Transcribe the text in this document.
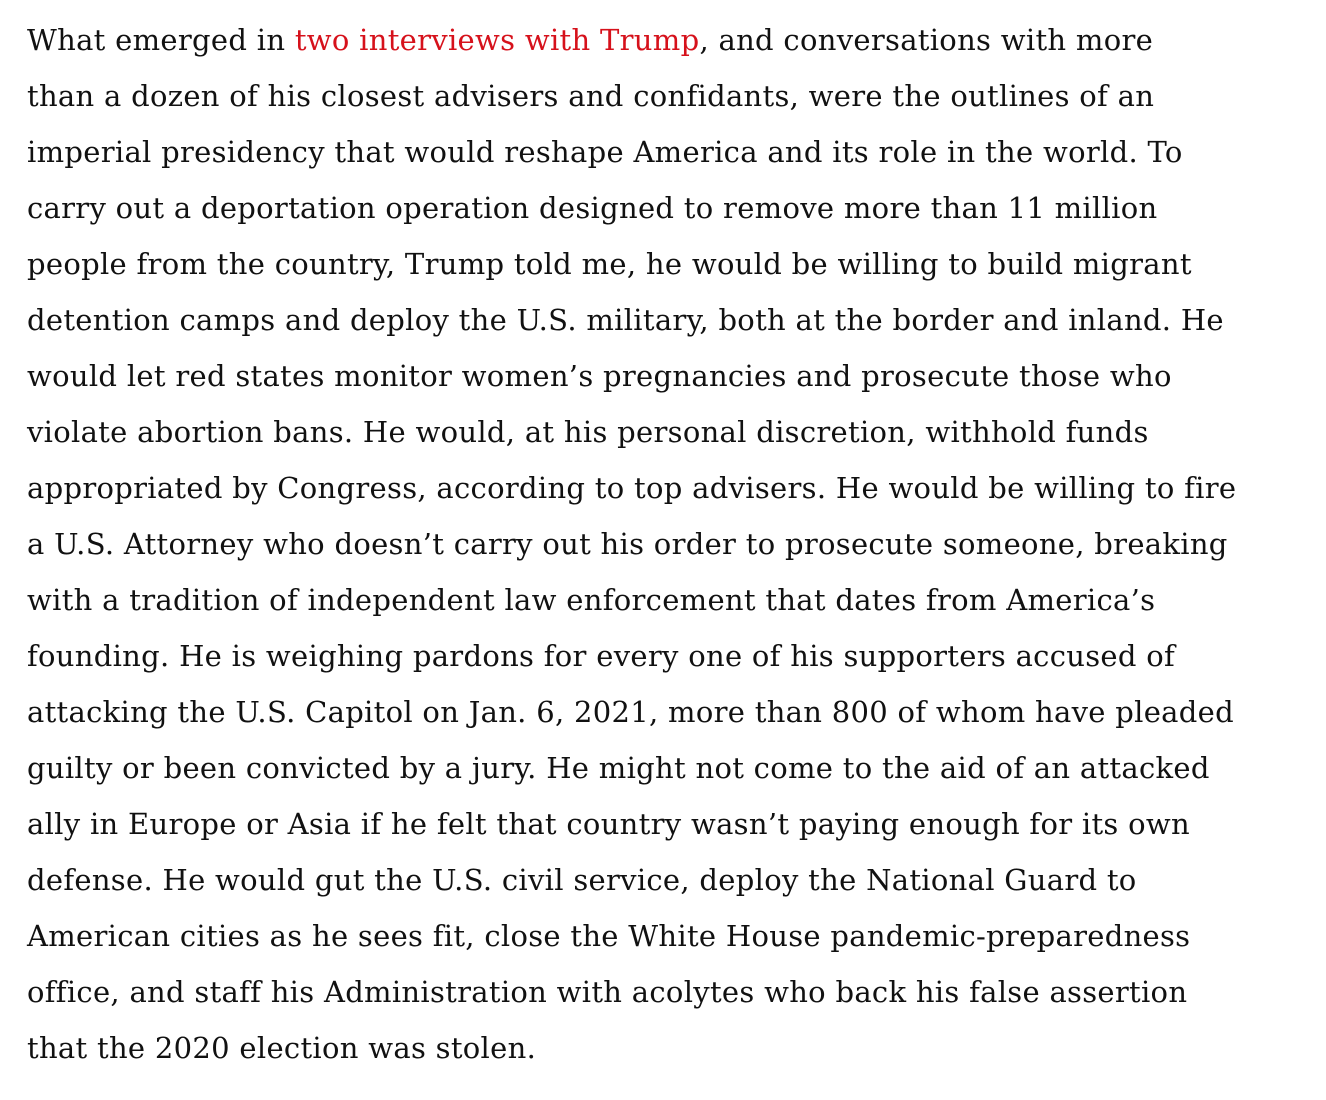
What emerged in two interviews with Trump, and conversations with more
than a dozen of his closest advisers and confidants, were the outlines of an
imperial presidency that would reshape America and its role in the world. To
carry out a deportation operation designed to remove more than 11 million
people from the country, Trump told me, he would be willing to build migrant
detention camps and deploy the U.S. military, both at the border and inland. He
would let red states monitor women’s pregnancies and prosecute those who
violate abortion bans. He would, at his personal discretion, withhold funds
appropriated by Congress, according to top advisers. He would be willing to fire
a U.S. Attorney who doesn’t carry out his order to prosecute someone, breaking
with a tradition of independent law enforcement that dates from America’s
founding. He is weighing pardons for every one of his supporters accused of
attacking the U.S. Capitol on Jan. 6, 2021, more than 800 of whom have pleaded
guilty or been convicted by a jury. He might not come to the aid of an attacked
ally in Europe or Asia if he felt that country wasn’t paying enough for its own
defense. He would gut the U.S. civil service, deploy the National Guard to
American cities as he sees fit, close the White House pandemic-preparedness
office, and staff his Administration with acolytes who back his false assertion
that the 2020 election was stolen.
